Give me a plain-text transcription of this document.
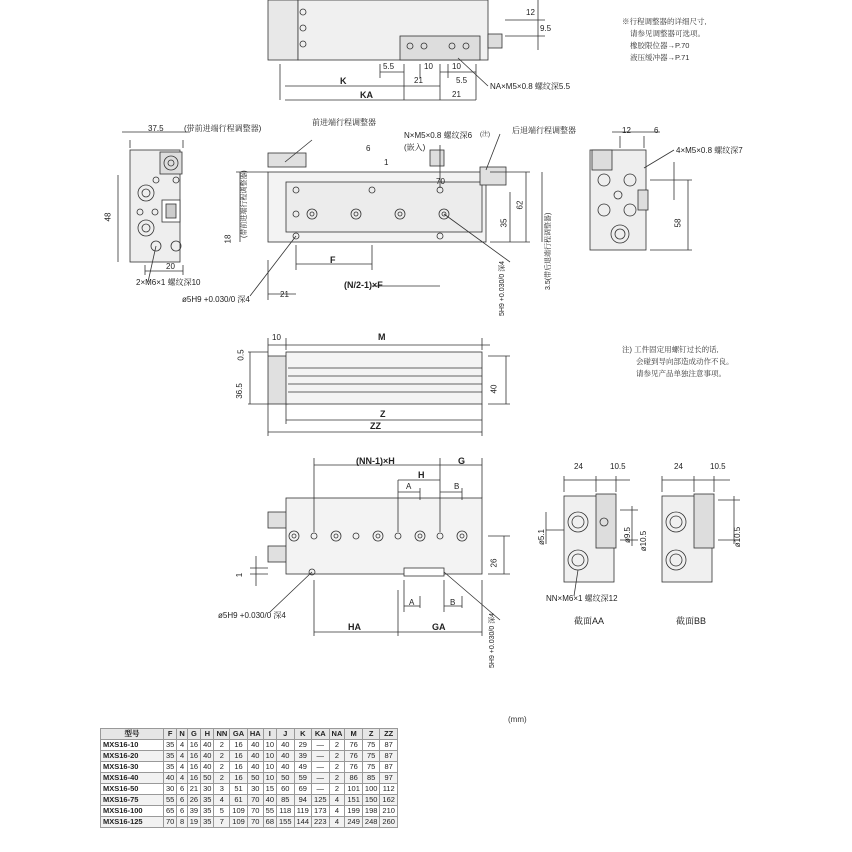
12
9.5
5.5	10 10
5.5
21
21
K
KA
NA×M5×0.8 螺纹深5.5
※行程调整器的详细尺寸,
请参见调整器可选项。
橡胶限位器→P.70
液压缓冲器→P.71
37.5	(带前进端行程调整器)
前进端行程调整器
N×M5×0.8 螺纹深6 (注)
(嵌入)
后退端行程调整器
48
18
(带前进端行程调整器)
20
70
6
1
35
62
3.5(带后退端行程调整器)
F
21
(N/2-1)×F
2×M6×1 螺纹深10
ø5H9 +0.030/0 深4	5H9 +0.030/0 深4
12	6
58
4×M5×0.8 螺纹深7
10	M
0.5
36.5	40
Z
ZZ
注) 工件固定用螺钉过长的话,
会碰到导向部造成动作不良。
请参见产品单独注意事项。
(NN-1)×H
H
G
A	B
26
1
A	B
HA	GA
ø5H9 +0.030/0 深4	5H9 +0.030/0 深4
24	10.5
ø5.1	ø9.5 ø10.5
24	10.5
ø10.5
NN×M6×1 螺纹深12
截面AA	截面BB
(mm)
型号	F	N	G	H	NN	GA	HA	I	J	K	KA	NA	M	Z	ZZ
MXS16-10	35	4	16	40	2	16	40	10	40	29	—	2	76	75	87
MXS16-20	35	4	16	40	2	16	40	10	40	39	—	2	76	75	87
MXS16-30	35	4	16	40	2	16	40	10	40	49	—	2	76	75	87
MXS16-40	40	4	16	50	2	16	50	10	50	59	—	2	86	85	97
MXS16-50	30	6	21	30	3	51	30	15	60	69	—	2	101	100	112
MXS16-75	55	6	26	35	4	61	70	40	85	94	125	4	151	150	162
MXS16-100	65	6	39	35	5	109	70	55	118	119	173	4	199	198	210
MXS16-125	70	8	19	35	7	109	70	68	155	144	223	4	249	248	260
